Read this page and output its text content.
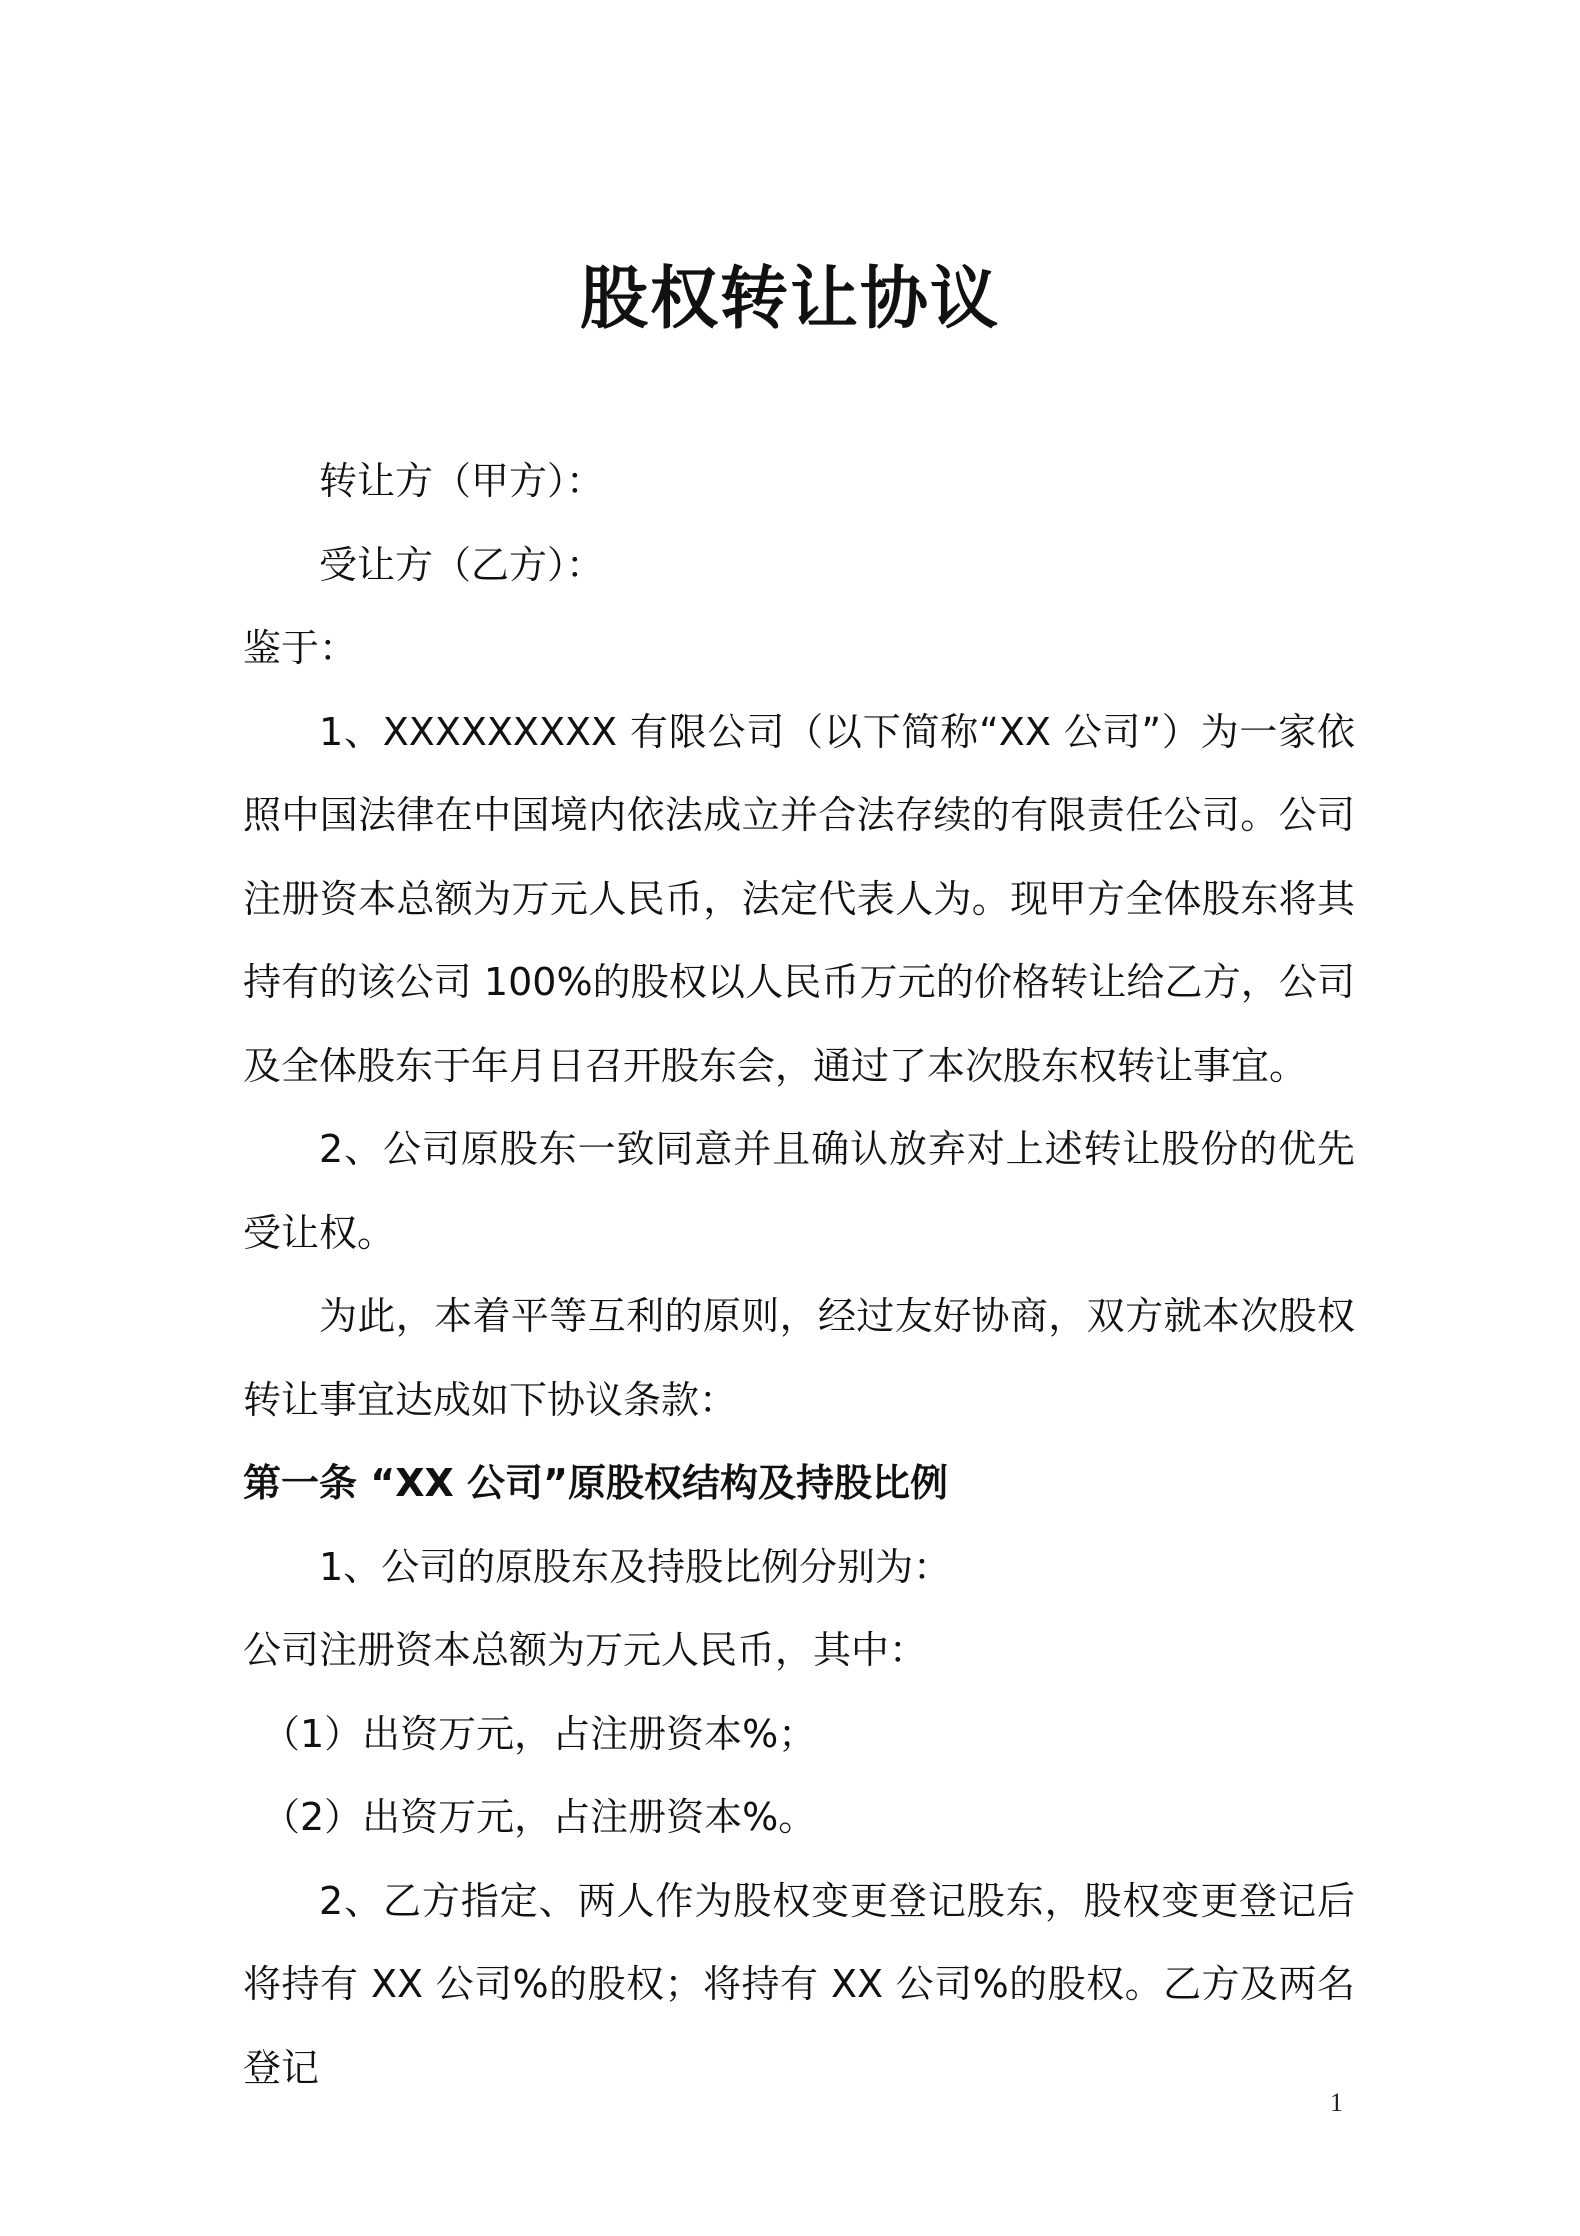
股权转让协议

转让方（甲方）：

受让方（乙方）：

鉴于：

1、XXXXXXXXX 有限公司（以下简称“XX 公司”）为一家依照中国法律在中国境内依法成立并合法存续的有限责任公司。公司注册资本总额为万元人民币，法定代表人为。现甲方全体股东将其持有的该公司 100%的股权以人民币万元的价格转让给乙方，公司及全体股东于年月日召开股东会，通过了本次股东权转让事宜。

2、公司原股东一致同意并且确认放弃对上述转让股份的优先受让权。

为此，本着平等互利的原则，经过友好协商，双方就本次股权转让事宜达成如下协议条款：

第一条 “XX 公司”原股权结构及持股比例

1、公司的原股东及持股比例分别为：

公司注册资本总额为万元人民币，其中：

（1）出资万元，占注册资本%；

（2）出资万元，占注册资本%。

2、乙方指定、两人作为股权变更登记股东，股权变更登记后将持有 XX 公司%的股权；将持有 XX 公司%的股权。乙方及两名登记

1
